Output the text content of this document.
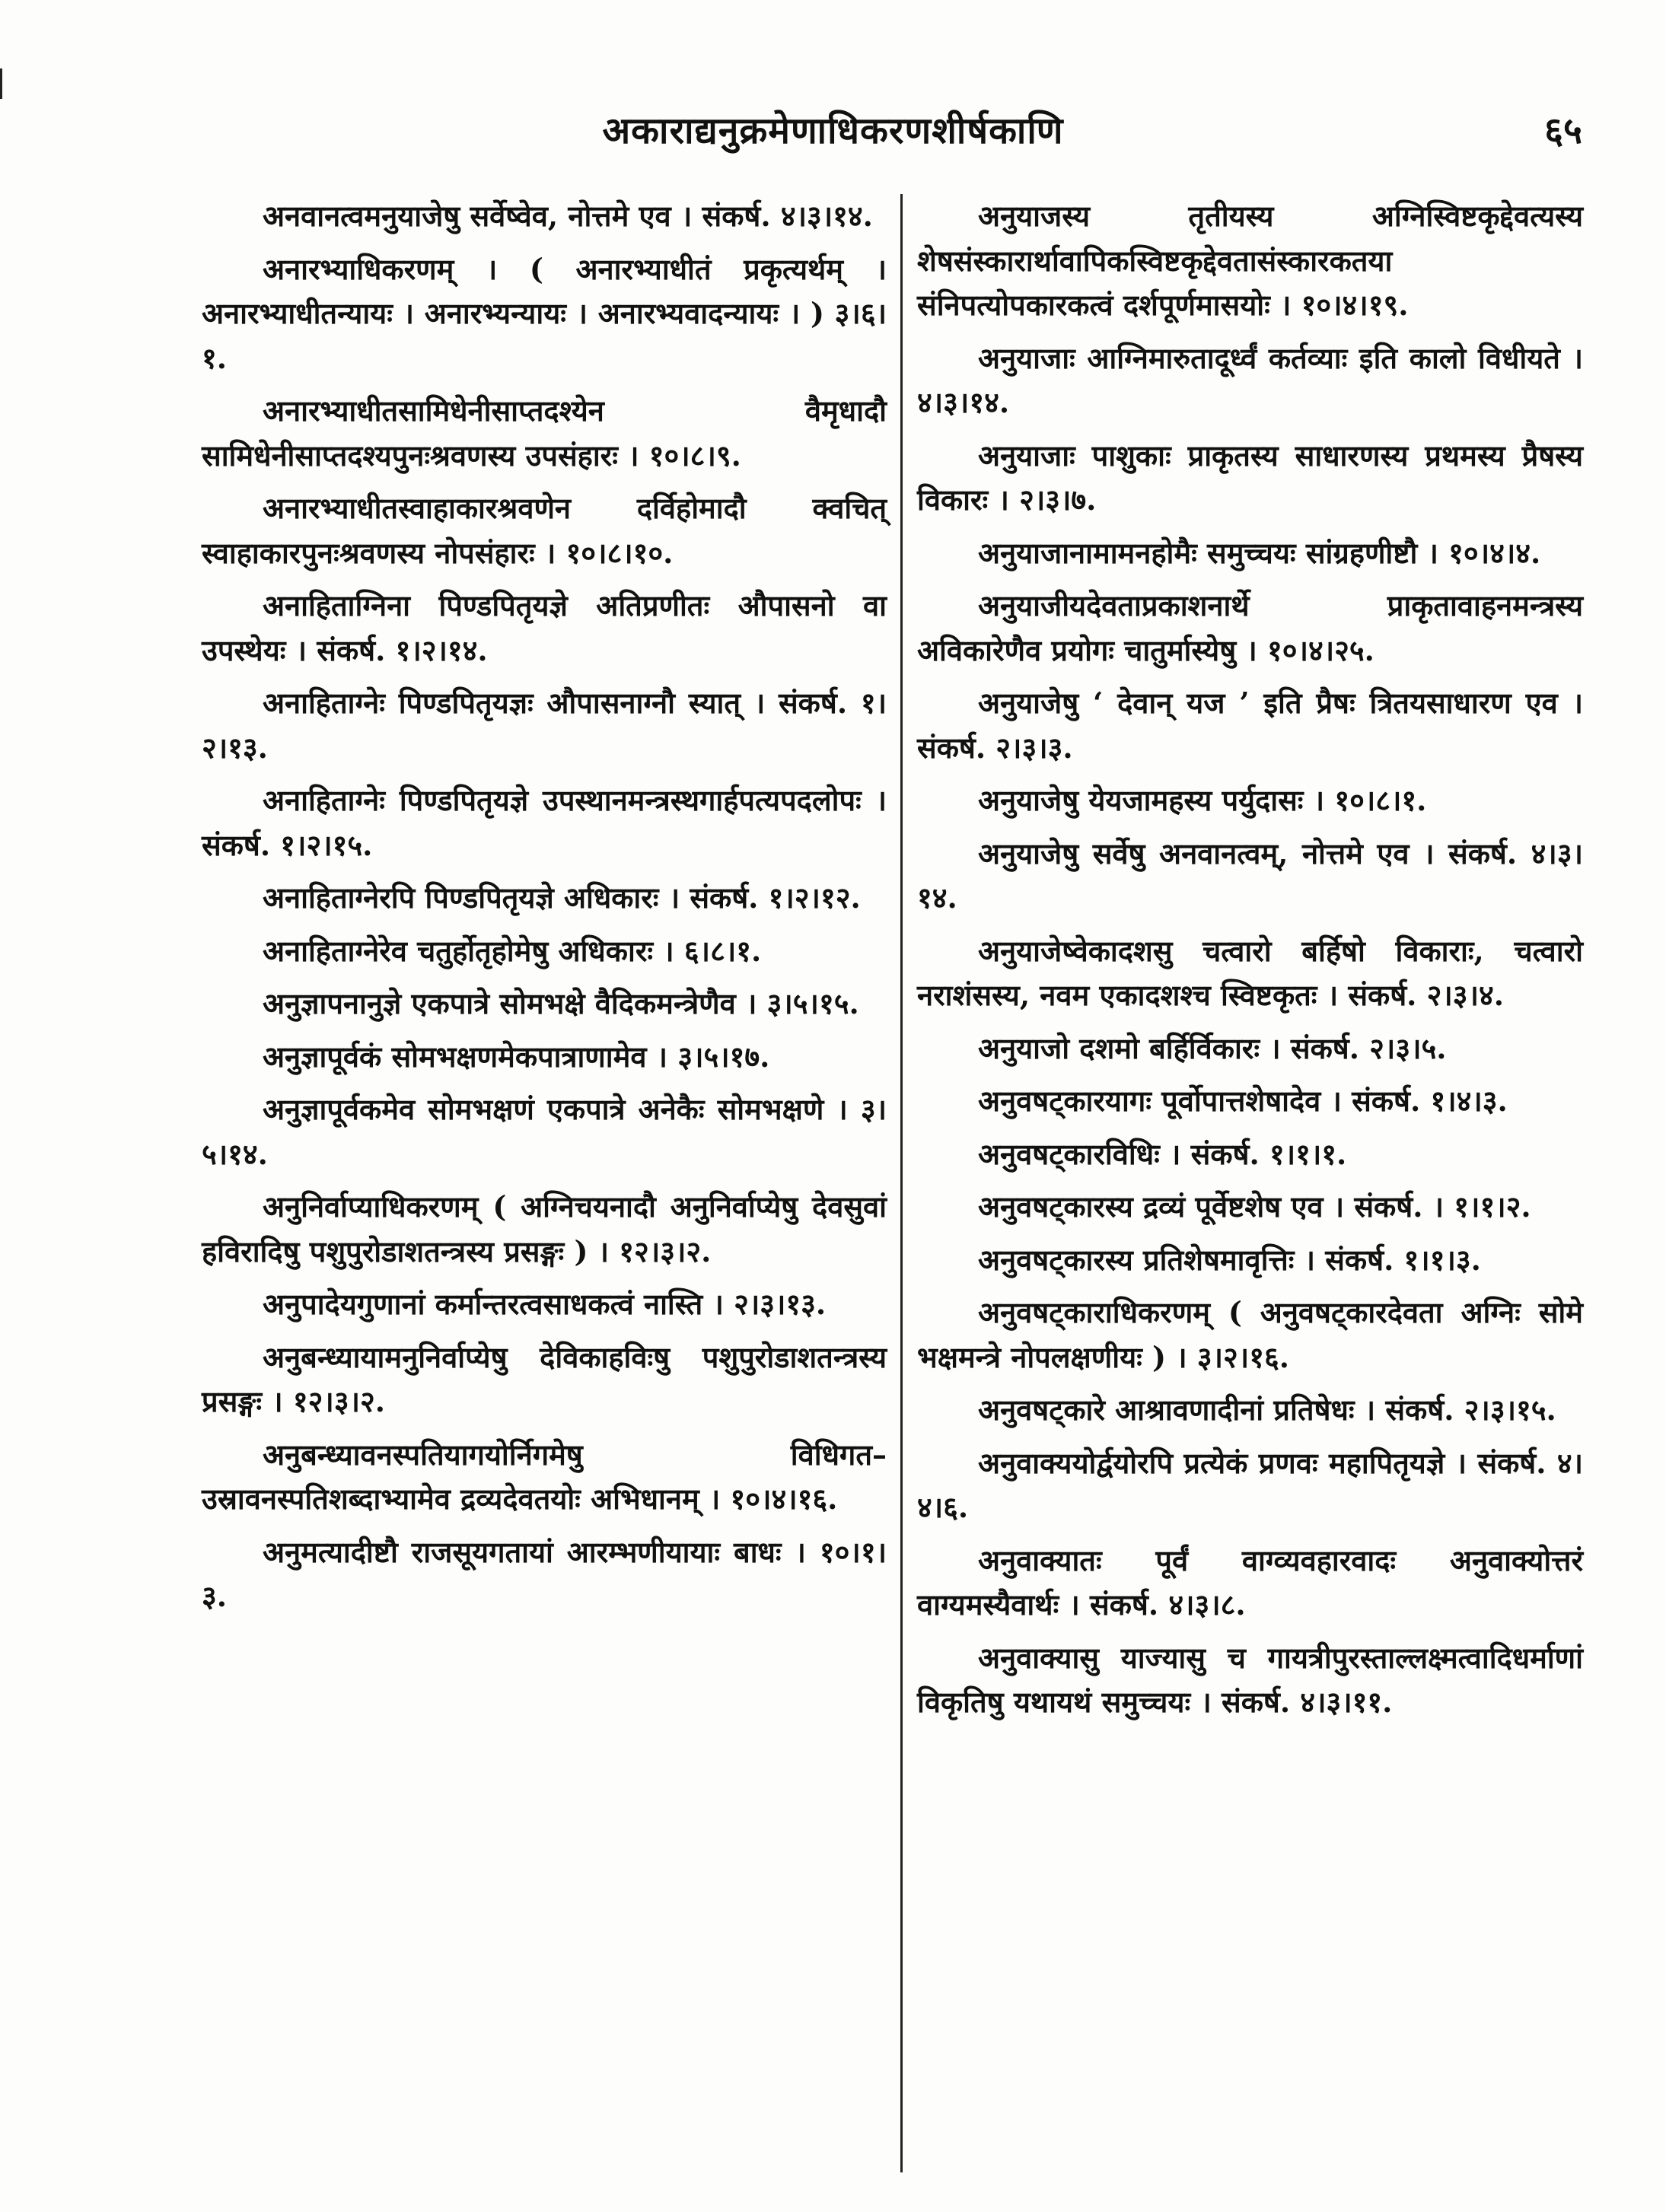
अकाराद्यनुक्रमेणाधिकरणशीर्षकाणि	६५

अनवानत्वमनुयाजेषु सर्वेष्वेव, नोत्तमे एव । संकर्ष. ४।३।१४.

अनारभ्याधिकरणम् । ( अनारभ्याधीतं प्रकृत्यर्थम् । अनारभ्याधीतन्यायः । अनारभ्यन्यायः । अनारभ्यवादन्यायः । ) ३।६।१.

अनारभ्याधीतसामिधेनीसाप्तदश्येन वैमृधादौ सामिधेनीसाप्तदश्यपुनःश्रवणस्य उपसंहारः । १०।८।९.

अनारभ्याधीतस्वाहाकारश्रवणेन दर्विहोमादौ क्वचित् स्वाहाकारपुनःश्रवणस्य नोपसंहारः । १०।८।१०.

अनाहिताग्निना पिण्डपितृयज्ञे अतिप्रणीतः औपासनो वा उपस्थेयः । संकर्ष. १।२।१४.

अनाहिताग्नेः पिण्डपितृयज्ञः औपासनाग्नौ स्यात् । संकर्ष. १।२।१३.

अनाहिताग्नेः पिण्डपितृयज्ञे उपस्थानमन्त्रस्थगार्हपत्यपदलोपः । संकर्ष. १।२।१५.

अनाहिताग्नेरपि पिण्डपितृयज्ञे अधिकारः । संकर्ष. १।२।१२.

अनाहिताग्नेरेव चतुर्होतृहोमेषु अधिकारः । ६।८।१.

अनुज्ञापनानुज्ञे एकपात्रे सोमभक्षे वैदिकमन्त्रेणैव । ३।५।१५.

अनुज्ञापूर्वकं सोमभक्षणमेकपात्राणामेव । ३।५।१७.

अनुज्ञापूर्वकमेव सोमभक्षणं एकपात्रे अनेकैः सोमभक्षणे । ३।५।१४.

अनुनिर्वाप्याधिकरणम् ( अग्निचयनादौ अनुनिर्वाप्येषु देवसुवां हविरादिषु पशुपुरोडाशतन्त्रस्य प्रसङ्गः ) । १२।३।२.

अनुपादेयगुणानां कर्मान्तरत्वसाधकत्वं नास्ति । २।३।१३.

अनुबन्ध्यायामनुनिर्वाप्येषु देविकाहविःषु पशुपुरोडाशतन्त्रस्य प्रसङ्गः । १२।३।२.

अनुबन्ध्यावनस्पतियागयोर्निगमेषु विधिगत–उस्रावनस्पतिशब्दाभ्यामेव द्रव्यदेवतयोः अभिधानम् । १०।४।१६.

अनुमत्यादीष्टौ राजसूयगतायां आरम्भणीयायाः बाधः । १०।१।३.

अनुयाजस्य तृतीयस्य अग्निस्विष्टकृद्देवत्यस्य शेषसंस्कारार्थावापिकस्विष्टकृद्देवतासंस्कारकतया संनिपत्योपकारकत्वं दर्शपूर्णमासयोः । १०।४।१९.

अनुयाजाः आग्निमारुतादूर्ध्वं कर्तव्याः इति कालो विधीयते । ४।३।१४.

अनुयाजाः पाशुकाः प्राकृतस्य साधारणस्य प्रथमस्य प्रैषस्य विकारः । २।३।७.

अनुयाजानामामनहोमैः समुच्चयः सांग्रहणीष्टौ । १०।४।४.

अनुयाजीयदेवताप्रकाशनार्थे प्राकृतावाहनमन्त्रस्य अविकारेणैव प्रयोगः चातुर्मास्येषु । १०।४।२५.

अनुयाजेषु ‘ देवान् यज ’ इति प्रैषः त्रितयसाधारण एव । संकर्ष. २।३।३.

अनुयाजेषु येयजामहस्य पर्युदासः । १०।८।१.

अनुयाजेषु सर्वेषु अनवानत्वम्, नोत्तमे एव । संकर्ष. ४।३।१४.

अनुयाजेष्वेकादशसु चत्वारो बर्हिषो विकाराः, चत्वारो नराशंसस्य, नवम एकादशश्च स्विष्टकृतः । संकर्ष. २।३।४.

अनुयाजो दशमो बर्हिर्विकारः । संकर्ष. २।३।५.

अनुवषट्कारयागः पूर्वोपात्तशेषादेव । संकर्ष. १।४।३.

अनुवषट्कारविधिः । संकर्ष. १।१।१.

अनुवषट्कारस्य द्रव्यं पूर्वेष्टशेष एव । संकर्ष. । १।१।२.

अनुवषट्कारस्य प्रतिशेषमावृत्तिः । संकर्ष. १।१।३.

अनुवषट्काराधिकरणम् ( अनुवषट्कारदेवता अग्निः सोमे भक्षमन्त्रे नोपलक्षणीयः ) । ३।२।१६.

अनुवषट्कारे आश्रावणादीनां प्रतिषेधः । संकर्ष. २।३।१५.

अनुवाक्ययोर्द्वयोरपि प्रत्येकं प्रणवः महापितृयज्ञे । संकर्ष. ४।४।६.

अनुवाक्यातः पूर्वं वाग्व्यवहारवादः अनुवाक्योत्तरं वाग्यमस्यैवार्थः । संकर्ष. ४।३।८.

अनुवाक्यासु याज्यासु च गायत्रीपुरस्ताल्लक्ष्मत्वादिधर्माणां विकृतिषु यथायथं समुच्चयः । संकर्ष. ४।३।११.
